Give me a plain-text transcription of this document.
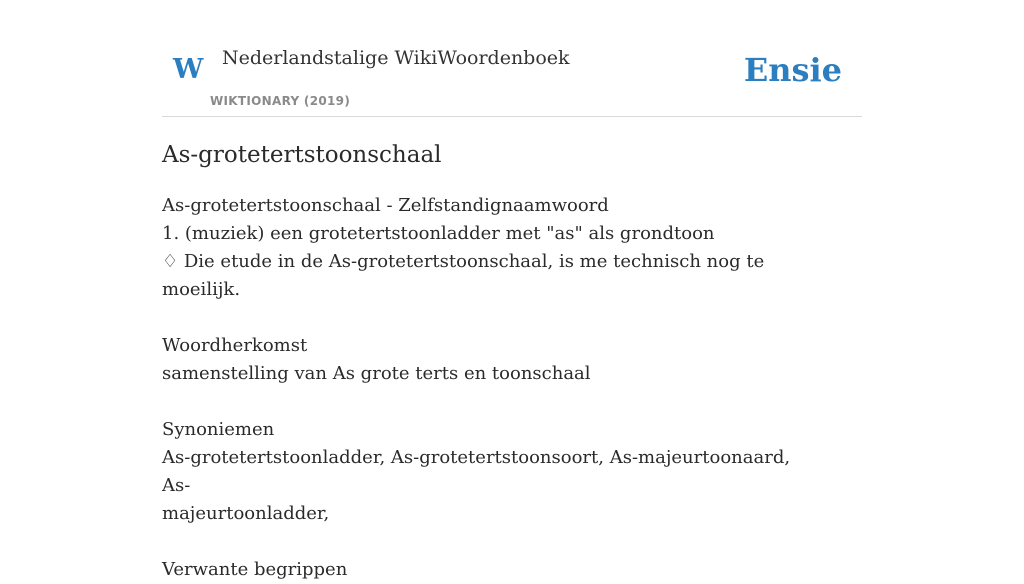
W Nederlandstalige WikiWoordenboek
WIKTIONARY (2019)
Ensie
As-grotetertstoonschaal
As-grotetertstoonschaal - Zelfstandignaamwoord
1. (muziek) een grotetertstoonladder met "as" als grondtoon
♢ Die etude in de As-grotetertstoonschaal, is me technisch nog te moeilijk.
Woordherkomst
samenstelling van As grote terts en toonschaal
Synoniemen
As-grotetertstoonladder, As-grotetertstoonsoort, As-majeurtoonaard, As-
majeurtoonladder,
Verwante begrippen
